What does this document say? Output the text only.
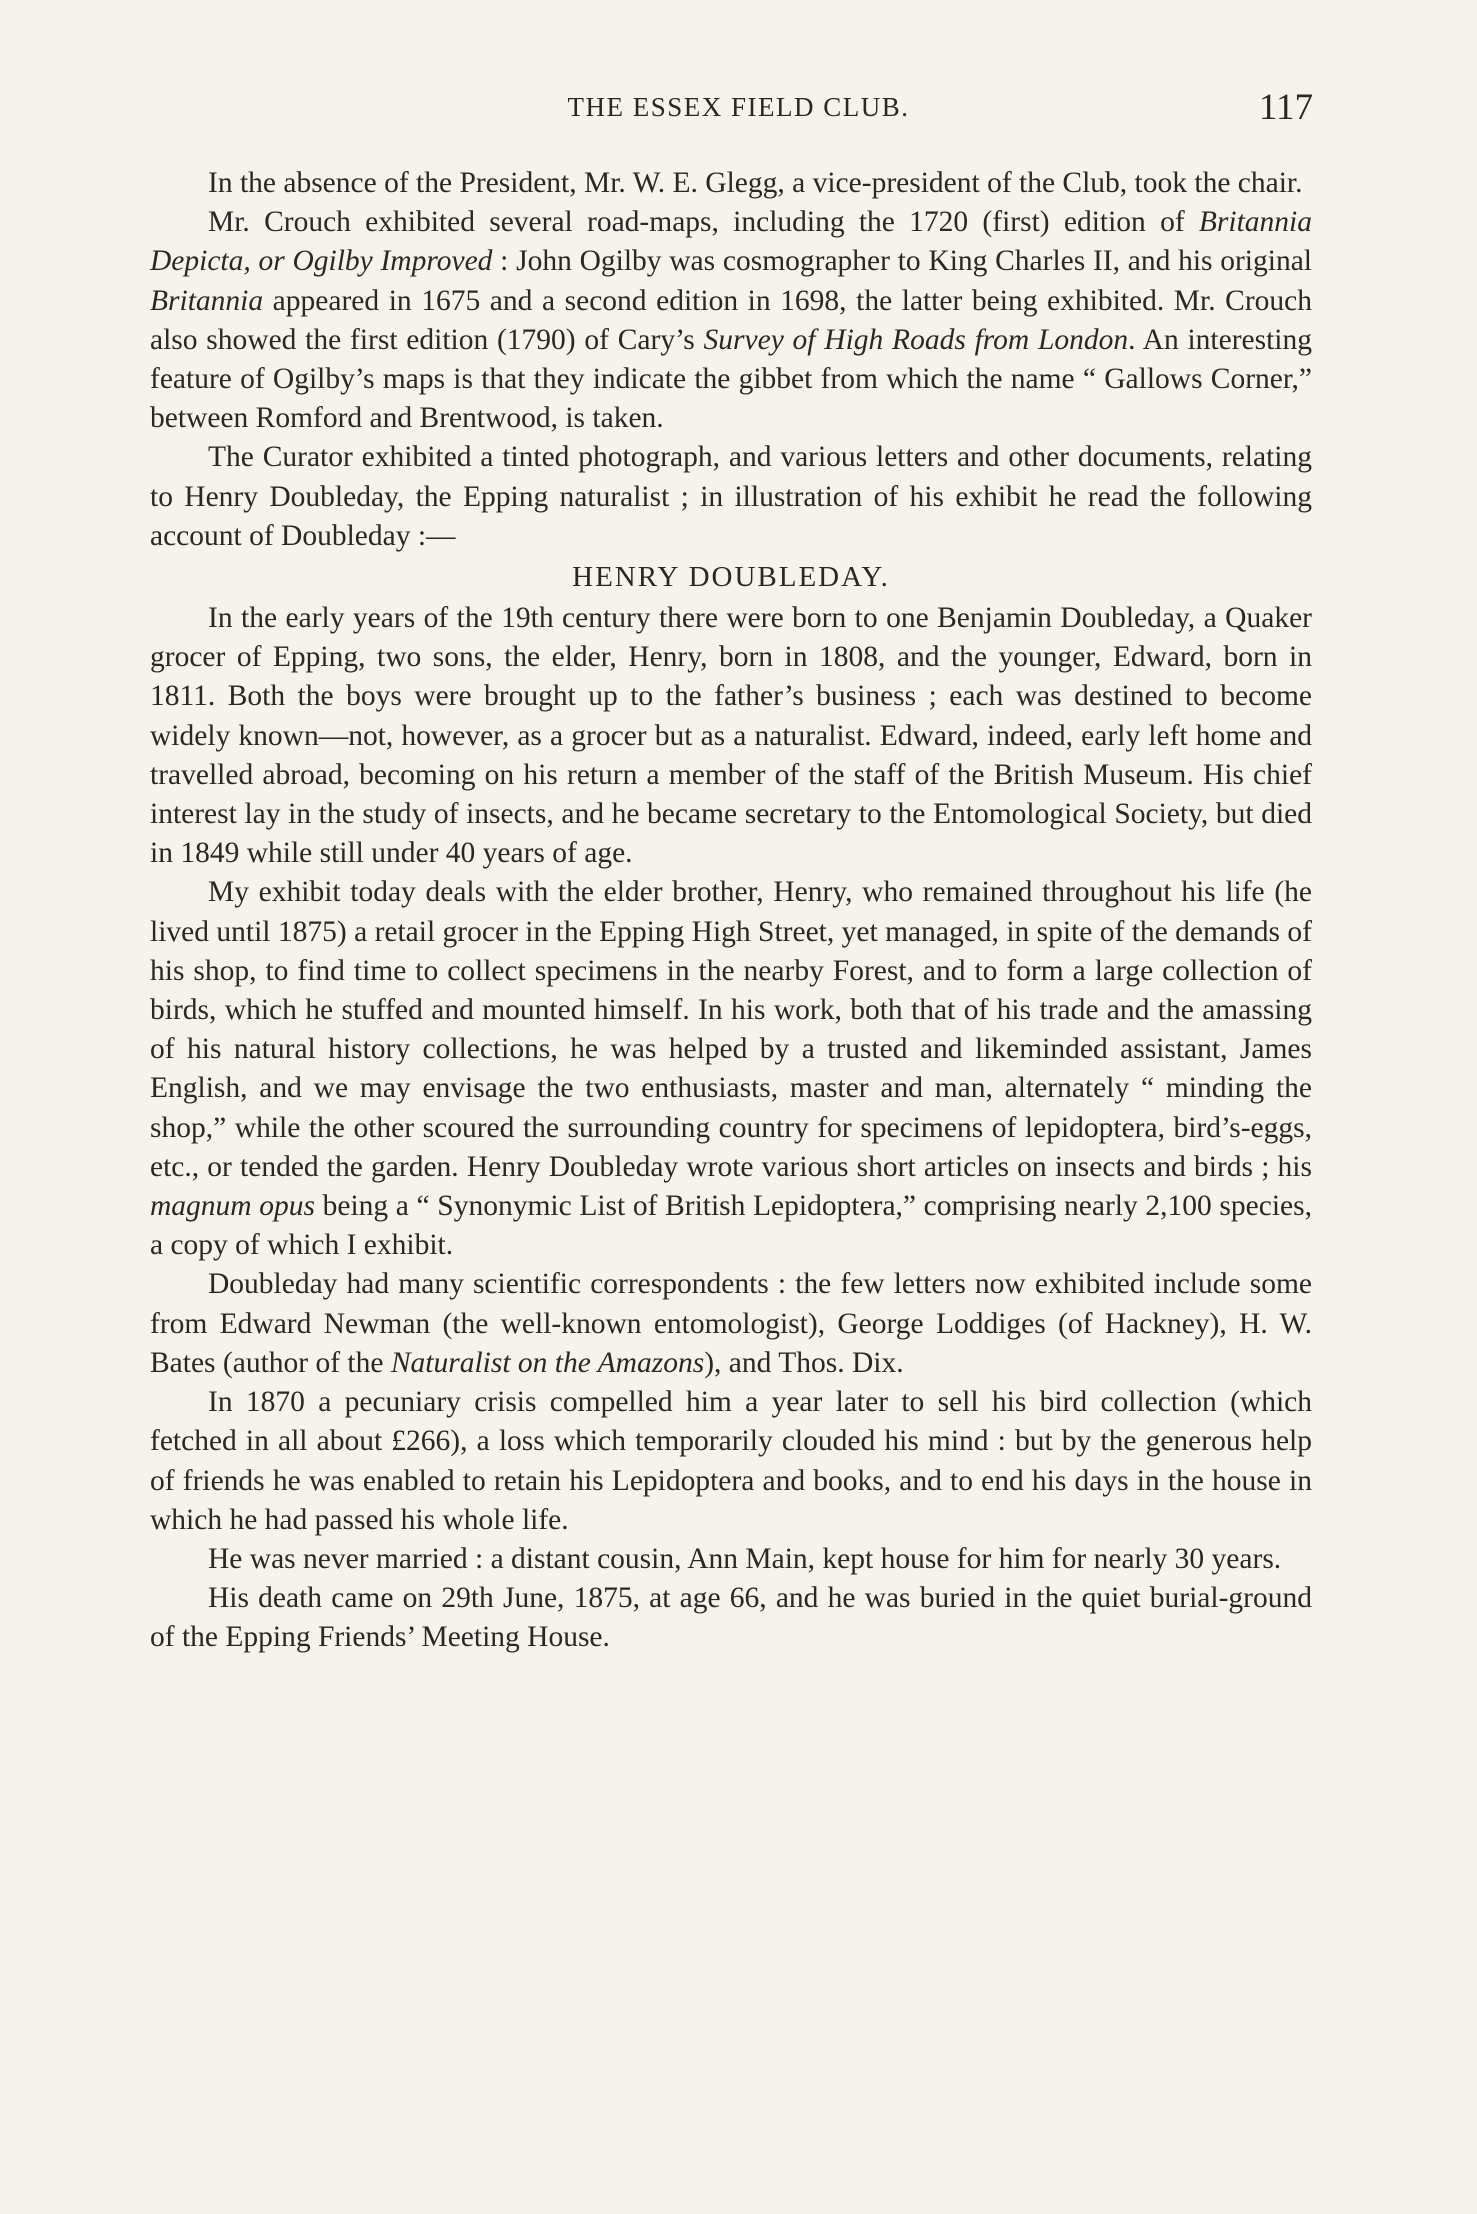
THE ESSEX FIELD CLUB.	117

In the absence of the President, Mr. W. E. Glegg, a vice-president of the Club, took the chair.

Mr. Crouch exhibited several road-maps, including the 1720 (first) edition of Britannia Depicta, or Ogilby Improved : John Ogilby was cosmographer to King Charles II, and his original Britannia appeared in 1675 and a second edition in 1698, the latter being exhibited. Mr. Crouch also showed the first edition (1790) of Cary’s Survey of High Roads from London. An interesting feature of Ogilby’s maps is that they indicate the gibbet from which the name “ Gallows Corner,” between Romford and Brentwood, is taken.

The Curator exhibited a tinted photograph, and various letters and other documents, relating to Henry Doubleday, the Epping naturalist ; in illustration of his exhibit he read the following account of Doubleday :—

HENRY DOUBLEDAY.

In the early years of the 19th century there were born to one Benjamin Doubleday, a Quaker grocer of Epping, two sons, the elder, Henry, born in 1808, and the younger, Edward, born in 1811. Both the boys were brought up to the father’s business ; each was destined to become widely known—not, however, as a grocer but as a naturalist. Edward, indeed, early left home and travelled abroad, becoming on his return a member of the staff of the British Museum. His chief interest lay in the study of insects, and he became secretary to the Entomological Society, but died in 1849 while still under 40 years of age.

My exhibit today deals with the elder brother, Henry, who remained throughout his life (he lived until 1875) a retail grocer in the Epping High Street, yet managed, in spite of the demands of his shop, to find time to collect specimens in the nearby Forest, and to form a large collection of birds, which he stuffed and mounted himself. In his work, both that of his trade and the amassing of his natural history collections, he was helped by a trusted and likeminded assistant, James English, and we may envisage the two enthusiasts, master and man, alternately “ minding the shop,” while the other scoured the surrounding country for specimens of lepidoptera, bird’s-eggs, etc., or tended the garden. Henry Doubleday wrote various short articles on insects and birds ; his magnum opus being a “ Synonymic List of British Lepidoptera,” comprising nearly 2,100 species, a copy of which I exhibit.

Doubleday had many scientific correspondents : the few letters now exhibited include some from Edward Newman (the well-known entomologist), George Loddiges (of Hackney), H. W. Bates (author of the Naturalist on the Amazons), and Thos. Dix.

In 1870 a pecuniary crisis compelled him a year later to sell his bird collection (which fetched in all about £266), a loss which temporarily clouded his mind : but by the generous help of friends he was enabled to retain his Lepidoptera and books, and to end his days in the house in which he had passed his whole life.

He was never married : a distant cousin, Ann Main, kept house for him for nearly 30 years.

His death came on 29th June, 1875, at age 66, and he was buried in the quiet burial-ground of the Epping Friends’ Meeting House.
